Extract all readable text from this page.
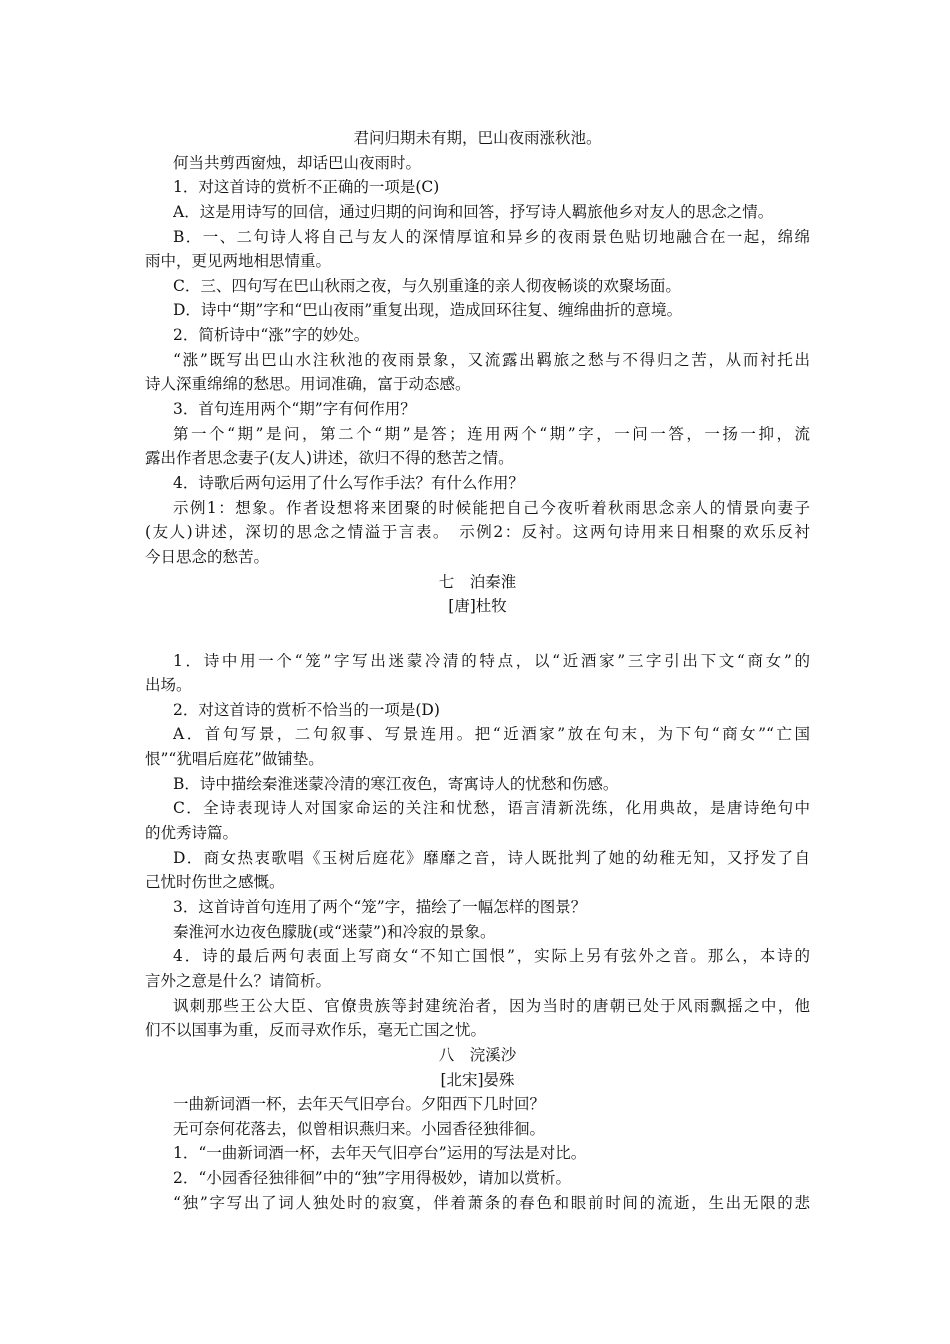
君问归期未有期，巴山夜雨涨秋池。
何当共剪西窗烛，却话巴山夜雨时。
1．对这首诗的赏析不正确的一项是(C)
A．这是用诗写的回信，通过归期的问询和回答，抒写诗人羁旅他乡对友人的思念之情。
B．一、二句诗人将自己与友人的深情厚谊和异乡的夜雨景色贴切地融合在一起，绵绵
雨中，更见两地相思情重。
C．三、四句写在巴山秋雨之夜，与久别重逢的亲人彻夜畅谈的欢聚场面。
D．诗中“期”字和“巴山夜雨”重复出现，造成回环往复、缠绵曲折的意境。
2．简析诗中“涨”字的妙处。
“涨”既写出巴山水注秋池的夜雨景象，又流露出羁旅之愁与不得归之苦，从而衬托出
诗人深重绵绵的愁思。用词准确，富于动态感。
3．首句连用两个“期”字有何作用？
第一个“期”是问，第二个“期”是答；连用两个“期”字，一问一答，一扬一抑，流
露出作者思念妻子(友人)讲述，欲归不得的愁苦之情。
4．诗歌后两句运用了什么写作手法？有什么作用？
示例1：想象。作者设想将来团聚的时候能把自己今夜听着秋雨思念亲人的情景向妻子
(友人)讲述，深切的思念之情溢于言表。　示例2：反衬。这两句诗用来日相聚的欢乐反衬
今日思念的愁苦。
七　泊秦淮
[唐]杜牧
1．诗中用一个“笼”字写出迷蒙冷清的特点，以“近酒家”三字引出下文“商女”的
出场。
2．对这首诗的赏析不恰当的一项是(D)
A．首句写景，二句叙事、写景连用。把“近酒家”放在句末，为下句“商女”“亡国
恨”“犹唱后庭花”做铺垫。
B．诗中描绘秦淮迷蒙冷清的寒江夜色，寄寓诗人的忧愁和伤感。
C．全诗表现诗人对国家命运的关注和忧愁，语言清新洗练，化用典故，是唐诗绝句中
的优秀诗篇。
D．商女热衷歌唱《玉树后庭花》靡靡之音，诗人既批判了她的幼稚无知，又抒发了自
己忧时伤世之感慨。
3．这首诗首句连用了两个“笼”字，描绘了一幅怎样的图景？
秦淮河水边夜色朦胧(或“迷蒙”)和冷寂的景象。
4．诗的最后两句表面上写商女“不知亡国恨”，实际上另有弦外之音。那么，本诗的
言外之意是什么？请简析。
讽刺那些王公大臣、官僚贵族等封建统治者，因为当时的唐朝已处于风雨飘摇之中，他
们不以国事为重，反而寻欢作乐，毫无亡国之忧。
八　浣溪沙
[北宋]晏殊
一曲新词酒一杯，去年天气旧亭台。夕阳西下几时回？
无可奈何花落去，似曾相识燕归来。小园香径独徘徊。
1．“一曲新词酒一杯，去年天气旧亭台”运用的写法是对比。
2．“小园香径独徘徊”中的“独”字用得极妙，请加以赏析。
“独”字写出了词人独处时的寂寞，伴着萧条的春色和眼前时间的流逝，生出无限的悲
